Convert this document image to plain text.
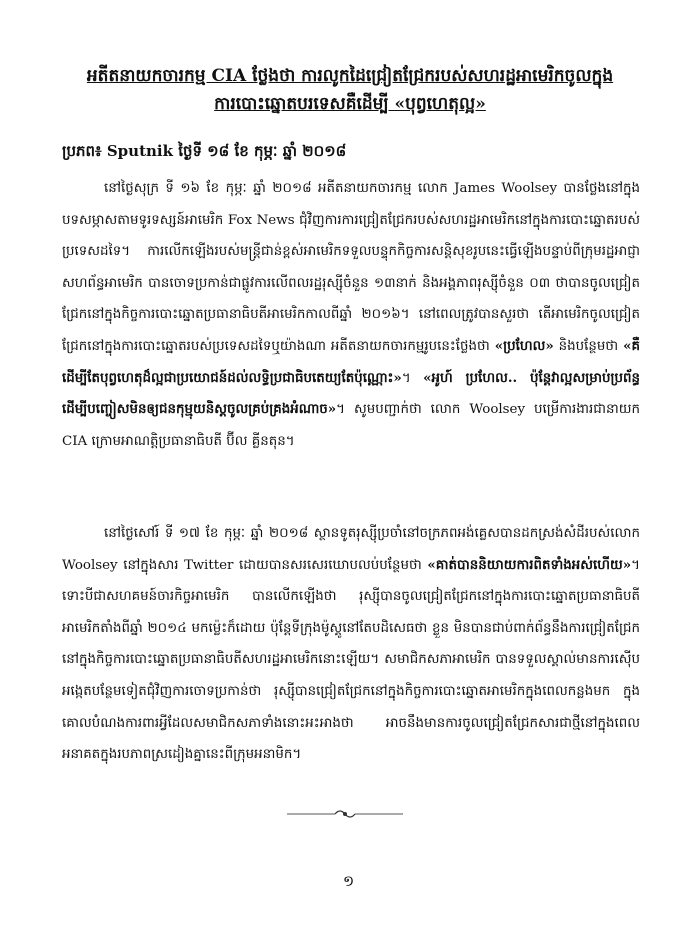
អតីតនាយកចារកម្ម CIA ថ្លែងថា ការលូកដៃជ្រៀតជ្រែករបស់សហរដ្ឋអាមេរិកចូលក្នុង
ការបោះឆ្នោតបរទេសគឺដើម្បី «បុព្វហេតុល្អ»
ប្រភព៖ Sputnik ថ្ងៃទី ១៨ ខែ កុម្ភៈ ឆ្នាំ ២០១៨

នៅថ្ងៃសុក្រ ទី ១៦ ខែ កុម្ភៈ ឆ្នាំ ២០១៨ អតីតនាយកចារកម្ម លោក James Woolsey បានថ្លែងនៅក្នុងបទសម្ភាសតាមទូរទស្សន៍អាមេរិក Fox News ជុំវិញការការជ្រៀតជ្រែករបស់សហរដ្ឋអាមេរិកនៅក្នុងការបោះឆ្នោតរបស់ប្រទេសដទៃ។ ការលើកឡើងរបស់មន្ត្រីជាន់ខ្ពស់អាមេរិកទទួលបន្ទុកកិច្ចការសន្តិសុខរូបនេះធ្វើឡើងបន្ទាប់ពីក្រុមរដ្ឋអាជ្ញាសហព័ន្ធអាមេរិក បានចោទប្រកាន់ជាផ្លូវការលើពលរដ្ឋរុស្ស៊ីចំនួន ១៣នាក់ និងអង្គភាពរុស្ស៊ីចំនួន ០៣ ថាបានចូលជ្រៀតជ្រែកនៅក្នុងកិច្ចការបោះឆ្នោតប្រធានាធិបតីអាមេរិកកាលពីឆ្នាំ ២០១៦។ នៅពេលត្រូវបានសួរថា តើអាមេរិកចូលជ្រៀតជ្រែកនៅក្នុងការបោះឆ្នោតរបស់ប្រទេសដទៃឬយ៉ាងណា អតីតនាយកចារកម្មរូបនេះថ្លែងថា «ប្រហែល» និងបន្ថែមថា «គឺដើម្បីតែបុព្វហេតុដ៏ល្អជាប្រយោជន៍ដល់លទ្ធិប្រជាធិបតេយ្យតែប៉ុណ្ណោះ»។ «អូហ៍ ប្រហែល.. ប៉ុន្តែវាល្អសម្រាប់ប្រព័ន្ធ ដើម្បីបញ្ចៀសមិនឲ្យជនកុម្មុយនិស្តចូលគ្រប់គ្រងអំណាច»។ សូមបញ្ជាក់ថា លោក Woolsey បម្រើការងារជានាយក CIA ក្រោមអាណត្តិប្រធានាធិបតី ប៊ីល គ្លីនតុន។

នៅថ្ងៃសៅរ៍ ទី ១៧ ខែ កុម្ភៈ ឆ្នាំ ២០១៨ ស្ថានទូតរុស្ស៊ីប្រចាំនៅចក្រភពអង់គ្លេសបានដកស្រង់សំដីរបស់លោក Woolsey នៅក្នុងសារ Twitter ដោយបានសរសេរឃោបលប់បន្ថែមថា «គាត់បាននិយាយការពិតទាំងអស់ហើយ»។ ទោះបីជាសហគមន៍ចារកិច្ចអាមេរិក បានលើកឡើងថា រុស្ស៊ីបានចូលជ្រៀតជ្រែកនៅក្នុងការបោះឆ្នោតប្រធានាធិបតីអាមេរិកតាំងពីឆ្នាំ ២០១៤ មកម៉្លេះក៏ដោយ ប៉ុន្តែទីក្រុងម៉ូស្គូនៅតែបដិសេធថា ខ្លួន មិនបានជាប់ពាក់ព័ន្ធនឹងការជ្រៀតជ្រែកនៅក្នុងកិច្ចការបោះឆ្នោតប្រធានាធិបតីសហរដ្ឋអាមេរិកនោះឡើយ។ សមាជិកសភាអាមេរិក បានទទួលស្គាល់មានការស៊ើបអង្កេតបន្ថែមទៀតជុំវិញការចោទប្រកាន់ថា រុស្ស៊ីបានជ្រៀតជ្រែកនៅក្នុងកិច្ចការបោះឆ្នោតអាមេរិកក្នុងពេលកន្លងមក ក្នុងគោលបំណងការពារអ្វីដែលសមាជិកសភាទាំងនោះអះអាងថា អាចនឹងមានការចូលជ្រៀតជ្រែកសារជាថ្មីនៅក្នុងពេលអនាគតក្នុងរបភាពស្រដៀងគ្នានេះពីក្រុមអនាមិក។

១
